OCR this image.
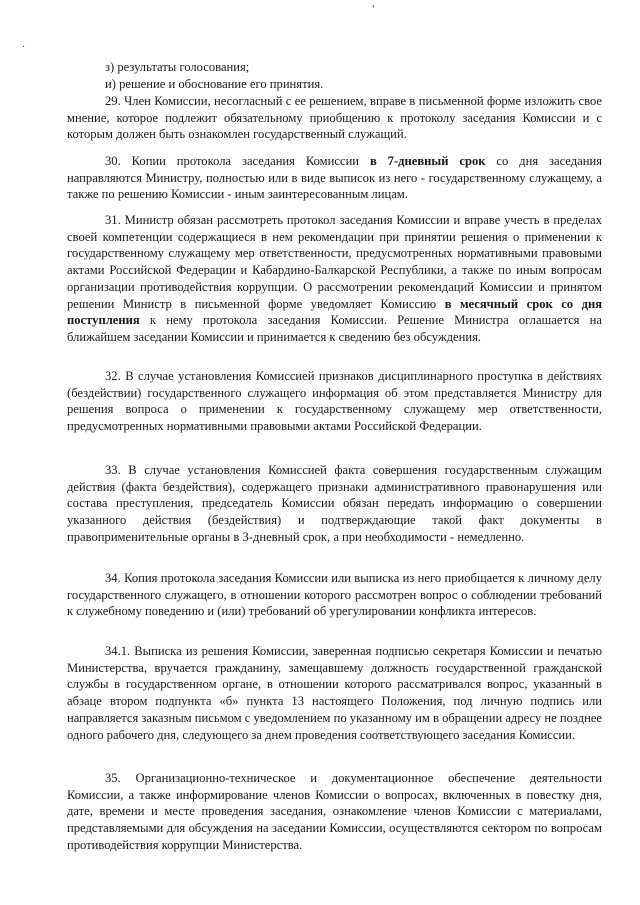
·
'

з) результаты голосования;

и) решение и обоснование его принятия.

29. Член Комиссии, несогласный с ее решением, вправе в письменной форме изложить свое мнение, которое подлежит обязательному приобщению к протоколу заседания Комиссии и с которым должен быть ознакомлен государственный служащий.

30. Копии протокола заседания Комиссии в 7-дневный срок со дня заседания направляются Министру, полностью или в виде выписок из него - государственному служащему, а также по решению Комиссии - иным заинтересованным лицам.

31. Министр обязан рассмотреть протокол заседания Комиссии и вправе учесть в пределах своей компетенции содержащиеся в нем рекомендации при принятии решения о применении к государственному служащему мер ответственности, предусмотренных нормативными правовыми актами Российской Федерации и Кабардино-Балкарской Республики, а также по иным вопросам организации противодействия коррупции. О рассмотрении рекомендаций Комиссии и принятом решении Министр в письменной форме уведомляет Комиссию в месячный срок со дня поступления к нему протокола заседания Комиссии. Решение Министра оглашается на ближайшем заседании Комиссии и принимается к сведению без обсуждения.

32. В случае установления Комиссией признаков дисциплинарного проступка в действиях (бездействии) государственного служащего информация об этом представляется Министру для решения вопроса о применении к государственному служащему мер ответственности, предусмотренных нормативными правовыми актами Российской Федерации.

33. В случае установления Комиссией факта совершения государственным служащим действия (факта бездействия), содержащего признаки административного правонарушения или состава преступления, председатель Комиссии обязан передать информацию о совершении указанного действия (бездействия) и подтверждающие такой факт документы в правоприменительные органы в 3-дневный срок, а при необходимости - немедленно.

34. Копия протокола заседания Комиссии или выписка из него приобщается к личному делу государственного служащего, в отношении которого рассмотрен вопрос о соблюдении требований к служебному поведению и (или) требований об урегулировании конфликта интересов.

34.1. Выписка из решения Комиссии, заверенная подписью секретаря Комиссии и печатью Министерства, вручается гражданину, замещавшему должность государственной гражданской службы в государственном органе, в отношении которого рассматривался вопрос, указанный в абзаце втором подпункта «б» пункта 13 настоящего Положения, под личную подпись или направляется заказным письмом с уведомлением по указанному им в обращении адресу не позднее одного рабочего дня, следующего за днем проведения соответствующего заседания Комиссии.

35. Организационно-техническое и документационное обеспечение деятельности Комиссии, а также информирование членов Комиссии о вопросах, включенных в повестку дня, дате, времени и месте проведения заседания, ознакомление членов Комиссии с материалами, представляемыми для обсуждения на заседании Комиссии, осуществляются сектором по вопросам противодействия коррупции Министерства.
